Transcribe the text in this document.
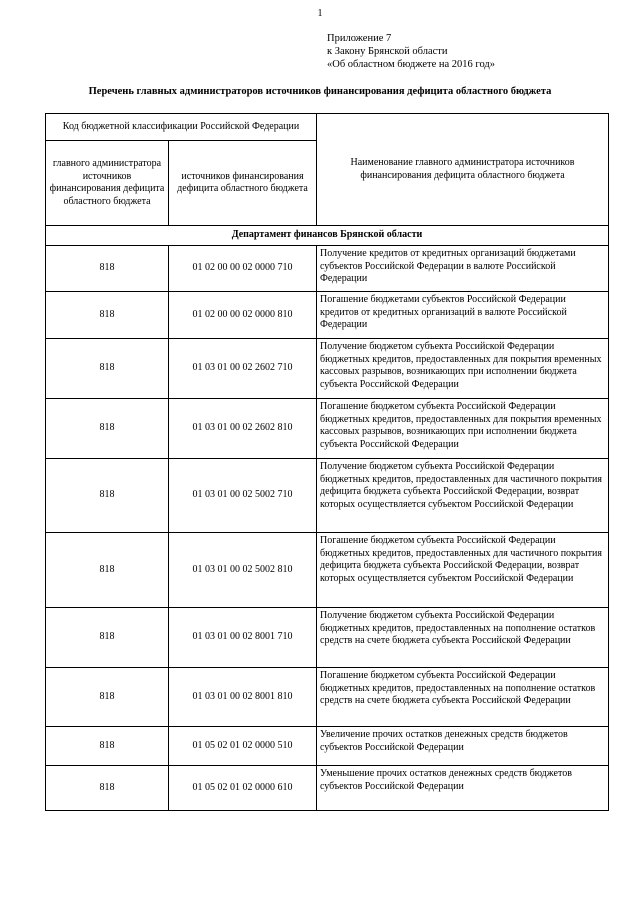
1
Приложение 7
к Закону Брянской области
«Об областном бюджете на 2016 год»
Перечень главных администраторов источников финансирования дефицита областного бюджета
Код бюджетной классификации Российской Федерации		Наименование главного администратора источников финансирования дефицита областного бюджета
главного администратора источников финансирования дефицита областного бюджета	источников финансирования дефицита областного бюджета	
Департамент финансов Брянской области		
818	01 02 00 00 02 0000 710	Получение кредитов от кредитных организаций бюджетами субъектов Российской Федерации в валюте Российской Федерации
818	01 02 00 00 02 0000 810	Погашение бюджетами субъектов Российской Федерации кредитов от кредитных организаций в валюте Российской Федерации
818	01 03 01 00 02 2602 710	Получение бюджетом субъекта Российской Федерации бюджетных кредитов, предоставленных для покрытия временных кассовых разрывов, возникающих при исполнении бюджета субъекта Российской Федерации
818	01 03 01 00 02 2602 810	Погашение бюджетом субъекта Российской Федерации бюджетных кредитов, предоставленных для покрытия временных кассовых разрывов, возникающих при исполнении бюджета субъекта Российской Федерации
818	01 03 01 00 02 5002 710	Получение бюджетом субъекта Российской Федерации бюджетных кредитов, предоставленных для частичного покрытия дефицита бюджета субъекта Российской Федерации, возврат которых осуществляется субъектом Российской Федерации
818	01 03 01 00 02 5002 810	Погашение бюджетом субъекта Российской Федерации бюджетных кредитов, предоставленных для частичного покрытия дефицита бюджета субъекта Российской Федерации, возврат которых осуществляется субъектом Российской Федерации
818	01 03 01 00 02 8001 710	Получение бюджетом субъекта Российской Федерации бюджетных кредитов, предоставленных на пополнение остатков средств на счете бюджета субъекта Российской Федерации
818	01 03 01 00 02 8001 810	Погашение бюджетом субъекта Российской Федерации бюджетных кредитов, предоставленных на пополнение остатков средств на счете бюджета субъекта Российской Федерации
818	01 05 02 01 02 0000 510	Увеличение прочих остатков денежных средств бюджетов субъектов Российской Федерации
818	01 05 02 01 02 0000 610	Уменьшение прочих остатков денежных средств бюджетов субъектов Российской Федерации
